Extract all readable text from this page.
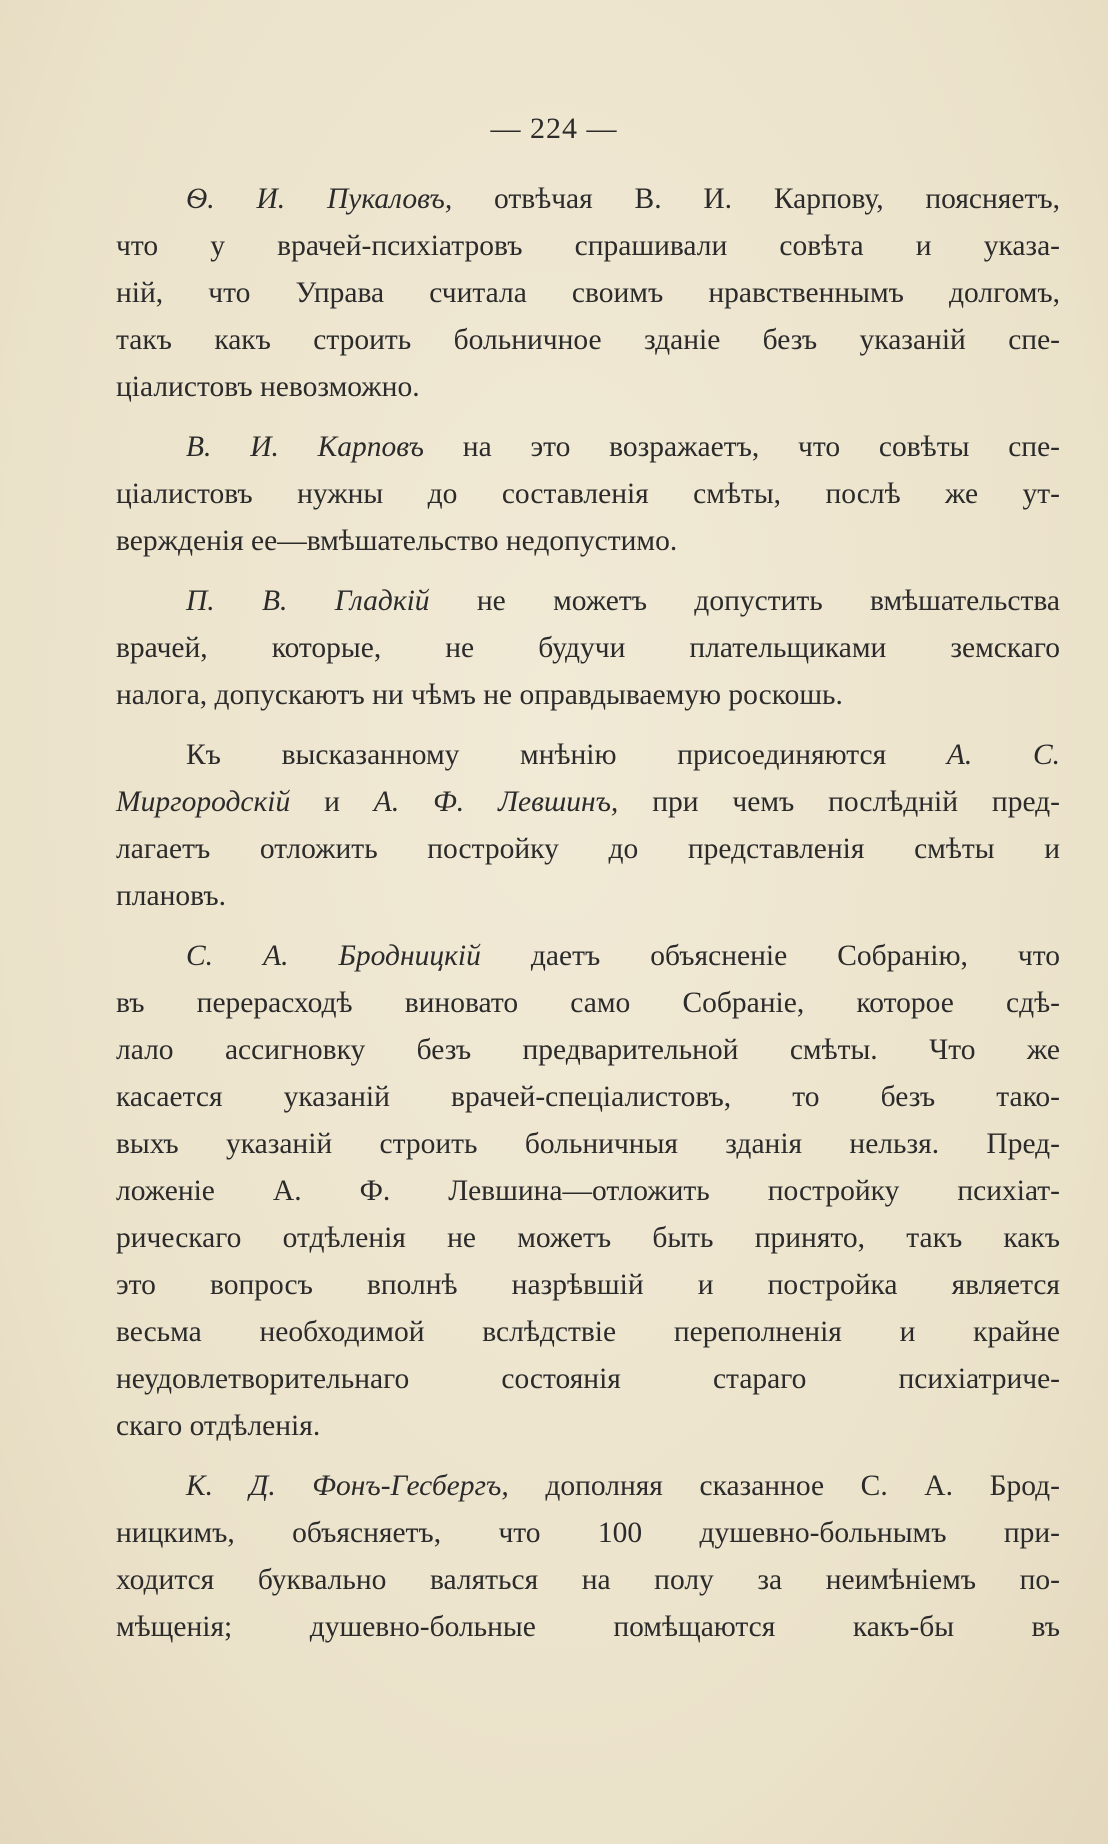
— 224 —
Ѳ. И. Пукаловъ, отвѣчая В. И. Карпову, поясняетъ,
что у врачей-психіатровъ спрашивали совѣта и указа-
ній, что Управа считала своимъ нравственнымъ долгомъ,
такъ какъ строить больничное зданіе безъ указаній спе-
ціалистовъ невозможно.
В. И. Карповъ на это возражаетъ, что совѣты спе-
ціалистовъ нужны до составленія смѣты, послѣ же ут-
вержденія ее—вмѣшательство недопустимо.
П. В. Гладкій не можетъ допустить вмѣшательства
врачей, которые, не будучи плательщиками земскаго
налога, допускаютъ ни чѣмъ не оправдываемую роскошь.
Къ высказанному мнѣнію присоединяются А. С.
Миргородскій и А. Ф. Левшинъ, при чемъ послѣдній пред-
лагаетъ отложить постройку до представленія смѣты и
плановъ.
С. А. Бродницкій даетъ объясненіе Собранію, что
въ перерасходѣ виновато само Собраніе, которое сдѣ-
лало ассигновку безъ предварительной смѣты. Что же
касается указаній врачей-спеціалистовъ, то безъ тако-
выхъ указаній строить больничныя зданія нельзя. Пред-
ложеніе А. Ф. Левшина—отложить постройку психіат-
рическаго отдѣленія не можетъ быть принято, такъ какъ
это вопросъ вполнѣ назрѣвшій и постройка является
весьма необходимой вслѣдствіе переполненія и крайне
неудовлетворительнаго состоянія стараго психіатриче-
скаго отдѣленія.
К. Д. Фонъ-Гесбергъ, дополняя сказанное С. А. Брод-
ницкимъ, объясняетъ, что 100 душевно-больнымъ при-
ходится буквально валяться на полу за неимѣніемъ по-
мѣщенія; душевно-больные помѣщаются какъ-бы въ
